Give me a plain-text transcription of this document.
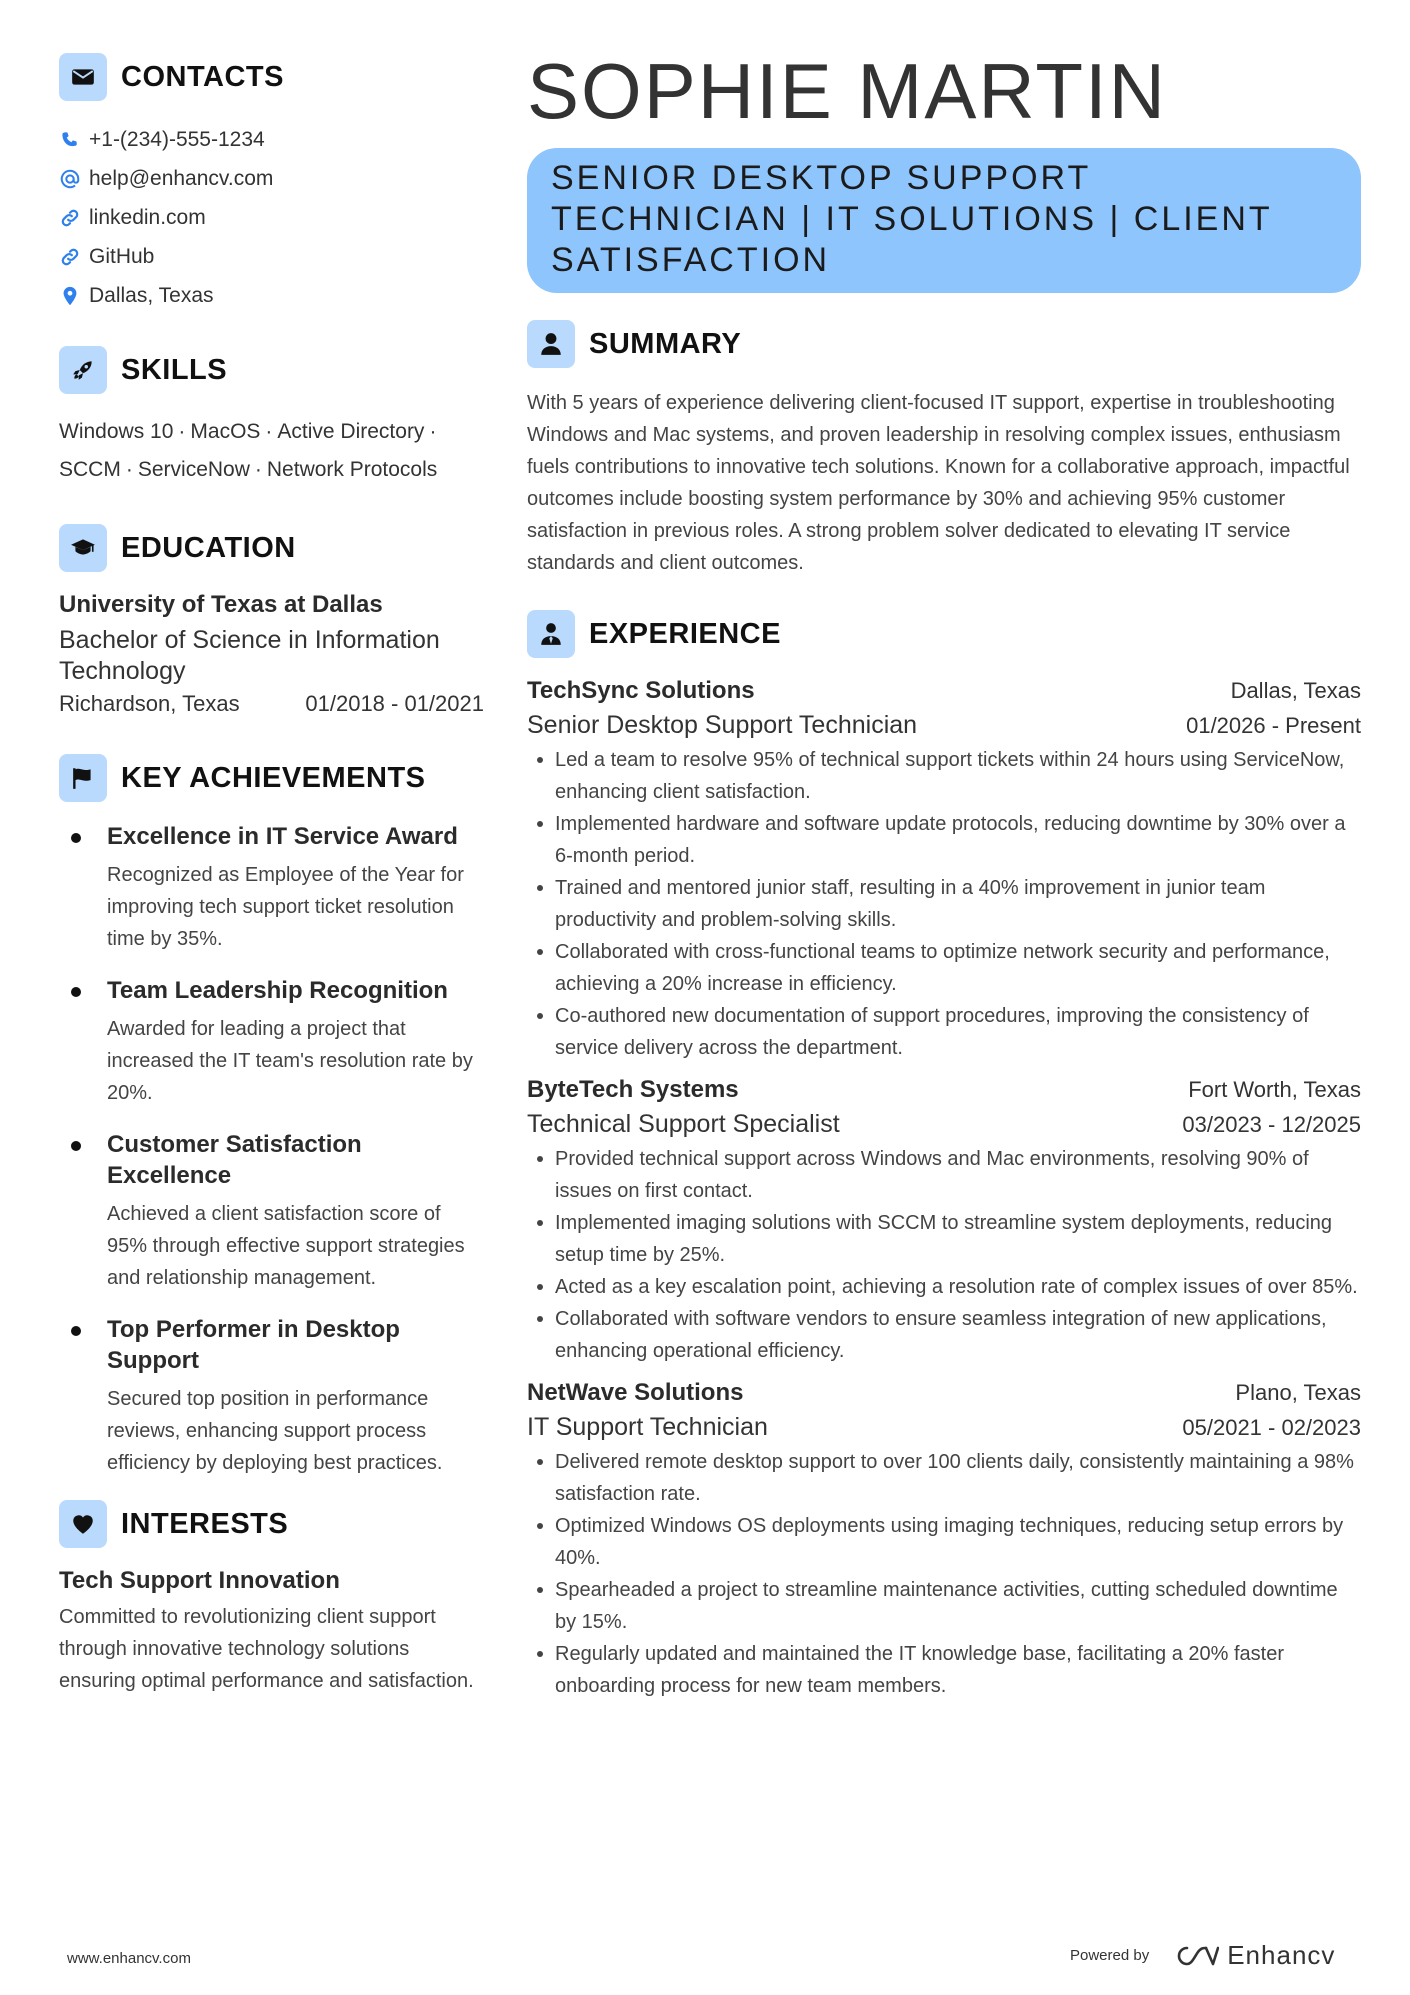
CONTACTS
+1-(234)-555-1234
help@enhancv.com
linkedin.com
GitHub
Dallas, Texas
SKILLS
Windows 10 · MacOS · Active Directory ·
SCCM · ServiceNow · Network Protocols
EDUCATION
University of Texas at Dallas
Bachelor of Science in Information Technology
Richardson, Texas	01/2018 - 01/2021
KEY ACHIEVEMENTS
Excellence in IT Service Award
Recognized as Employee of the Year for improving tech support ticket resolution time by 35%.
Team Leadership Recognition
Awarded for leading a project that increased the IT team's resolution rate by 20%.
Customer Satisfaction Excellence
Achieved a client satisfaction score of 95% through effective support strategies and relationship management.
Top Performer in Desktop Support
Secured top position in performance reviews, enhancing support process efficiency by deploying best practices.
INTERESTS
Tech Support Innovation
Committed to revolutionizing client support through innovative technology solutions ensuring optimal performance and satisfaction.
SOPHIE MARTIN
SENIOR DESKTOP SUPPORT TECHNICIAN | IT SOLUTIONS | CLIENT SATISFACTION
SUMMARY

With 5 years of experience delivering client-focused IT support, expertise in troubleshooting Windows and Mac systems, and proven leadership in resolving complex issues, enthusiasm fuels contributions to innovative tech solutions. Known for a collaborative approach, impactful outcomes include boosting system performance by 30% and achieving 95% customer satisfaction in previous roles. A strong problem solver dedicated to elevating IT service standards and client outcomes.

EXPERIENCE
TechSync Solutions	Dallas, Texas
Senior Desktop Support Technician	01/2026 - Present
Led a team to resolve 95% of technical support tickets within 24 hours using ServiceNow, enhancing client satisfaction.
Implemented hardware and software update protocols, reducing downtime by 30% over a 6-month period.
Trained and mentored junior staff, resulting in a 40% improvement in junior team productivity and problem-solving skills.
Collaborated with cross-functional teams to optimize network security and performance, achieving a 20% increase in efficiency.
Co-authored new documentation of support procedures, improving the consistency of service delivery across the department.
ByteTech Systems	Fort Worth, Texas
Technical Support Specialist	03/2023 - 12/2025
Provided technical support across Windows and Mac environments, resolving 90% of issues on first contact.
Implemented imaging solutions with SCCM to streamline system deployments, reducing setup time by 25%.
Acted as a key escalation point, achieving a resolution rate of complex issues of over 85%.
Collaborated with software vendors to ensure seamless integration of new applications, enhancing operational efficiency.
NetWave Solutions	Plano, Texas
IT Support Technician	05/2021 - 02/2023
Delivered remote desktop support to over 100 clients daily, consistently maintaining a 98% satisfaction rate.
Optimized Windows OS deployments using imaging techniques, reducing setup errors by 40%.
Spearheaded a project to streamline maintenance activities, cutting scheduled downtime by 15%.
Regularly updated and maintained the IT knowledge base, facilitating a 20% faster onboarding process for new team members.
www.enhancv.com	Powered by	Enhancv
